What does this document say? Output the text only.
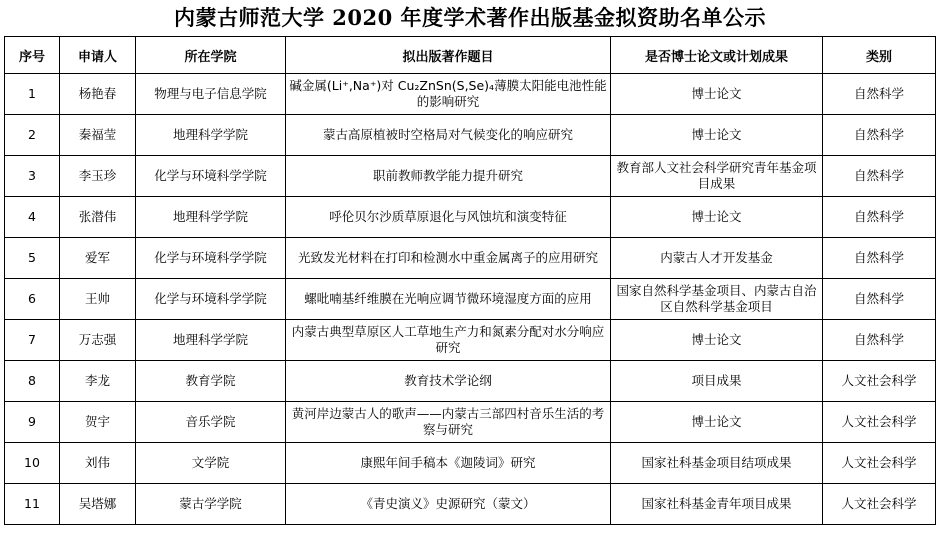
内蒙古师范大学 2020 年度学术著作出版基金拟资助名单公示
序号	申请人	所在学院	拟出版著作题目	是否博士论文或计划成果	类别
1	杨艳春	物理与电子信息学院	碱金属(Li⁺,Na⁺)对 Cu₂ZnSn(S,Se)₄薄膜太阳能电池性能的影响研究	博士论文	自然科学
2	秦福莹	地理科学学院	蒙古高原植被时空格局对气候变化的响应研究	博士论文	自然科学
3	李玉珍	化学与环境科学学院	职前教师教学能力提升研究	教育部人文社会科学研究青年基金项目成果	自然科学
4	张潜伟	地理科学学院	呼伦贝尔沙质草原退化与风蚀坑和演变特征	博士论文	自然科学
5	爱军	化学与环境科学学院	光致发光材料在打印和检测水中重金属离子的应用研究	内蒙古人才开发基金	自然科学
6	王帅	化学与环境科学学院	螺吡喃基纤维膜在光响应调节微环境湿度方面的应用	国家自然科学基金项目、内蒙古自治区自然科学基金项目	自然科学
7	万志强	地理科学学院	内蒙古典型草原区人工草地生产力和氮素分配对水分响应研究	博士论文	自然科学
8	李龙	教育学院	教育技术学论纲	项目成果	人文社会科学
9	贺宇	音乐学院	黄河岸边蒙古人的歌声——内蒙古三部四村音乐生活的考察与研究	博士论文	人文社会科学
10	刘伟	文学院	康熙年间手稿本《迦陵词》研究	国家社科基金项目结项成果	人文社会科学
11	吴塔娜	蒙古学学院	《青史演义》史源研究（蒙文）	国家社科基金青年项目成果	人文社会科学
